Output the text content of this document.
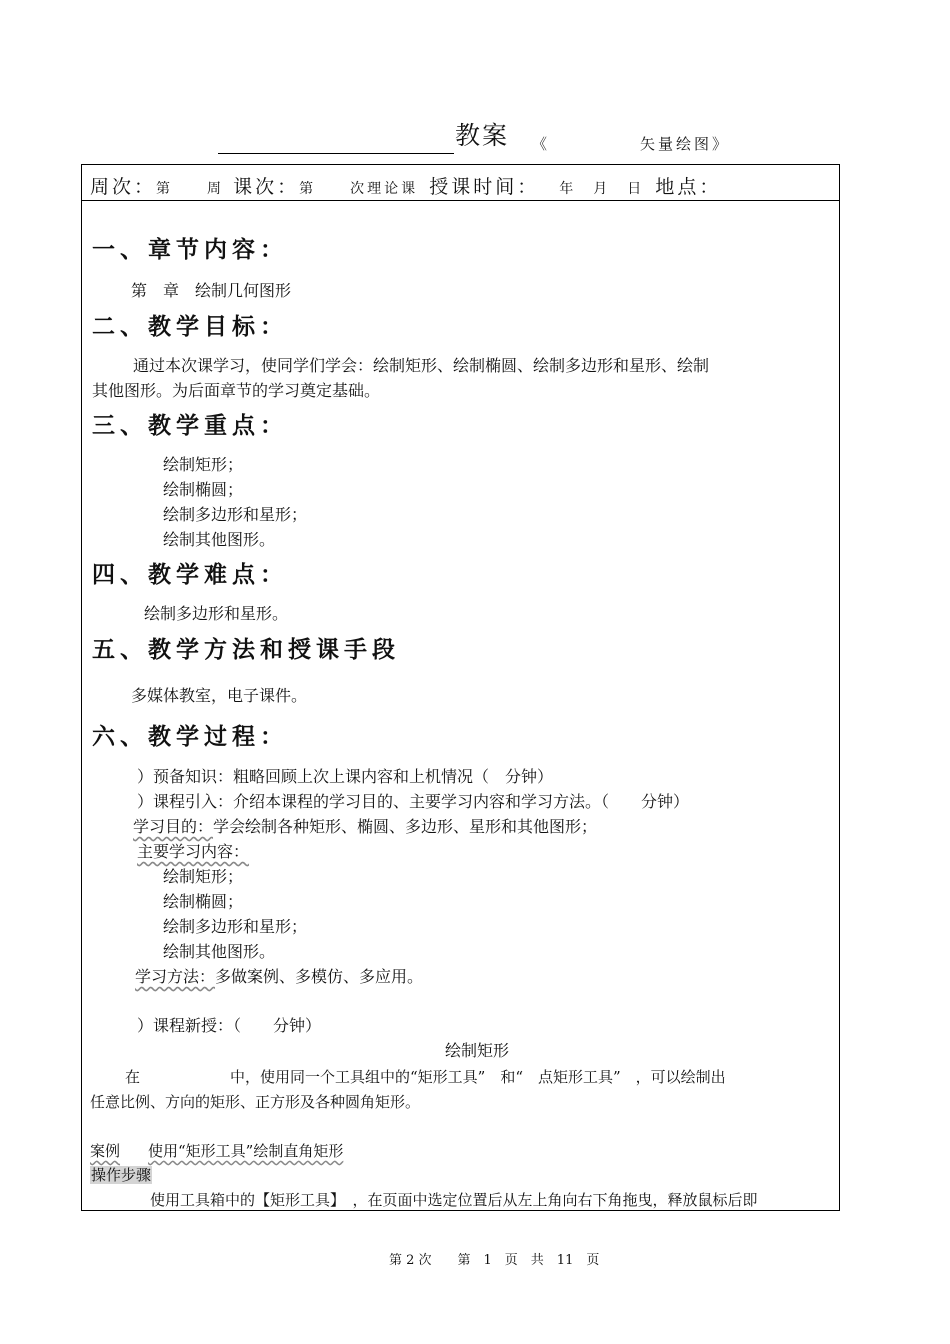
教案 《　　　　　矢量绘图》
周次：第　　周 课次：第　　次理论课 授课时间： 年　月　日 地点：
一、章节内容：
第　章　绘制几何图形
二、教学目标：
通过本次课学习，使同学们学会：绘制矩形、绘制椭圆、绘制多边形和星形、绘制
其他图形。为后面章节的学习奠定基础。
三、教学重点：
绘制矩形；
绘制椭圆；
绘制多边形和星形；
绘制其他图形。
四、教学难点：
绘制多边形和星形。
五、教学方法和授课手段
多媒体教室，电子课件。
六、教学过程：
）预备知识：粗略回顾上次上课内容和上机情况（　分钟）
）课程引入：介绍本课程的学习目的、主要学习内容和学习方法。（　　分钟）
学习目的：学会绘制各种矩形、椭圆、多边形、星形和其他图形；
主要学习内容：
绘制矩形；
绘制椭圆；
绘制多边形和星形；
绘制其他图形。
学习方法：多做案例、多模仿、多应用。
）课程新授：（　　分钟）
绘制矩形
在　　　　　　中，使用同一个工具组中的“矩形工具”　和“　点矩形工具”　，可以绘制出
任意比例、方向的矩形、正方形及各种圆角矩形。
案例 使用“矩形工具”绘制直角矩形
操作步骤
使用工具箱中的【矩形工具】　，在页面中选定位置后从左上角向右下角拖曳，释放鼠标后即
第 2 次　　第　1　页　共　11　页
